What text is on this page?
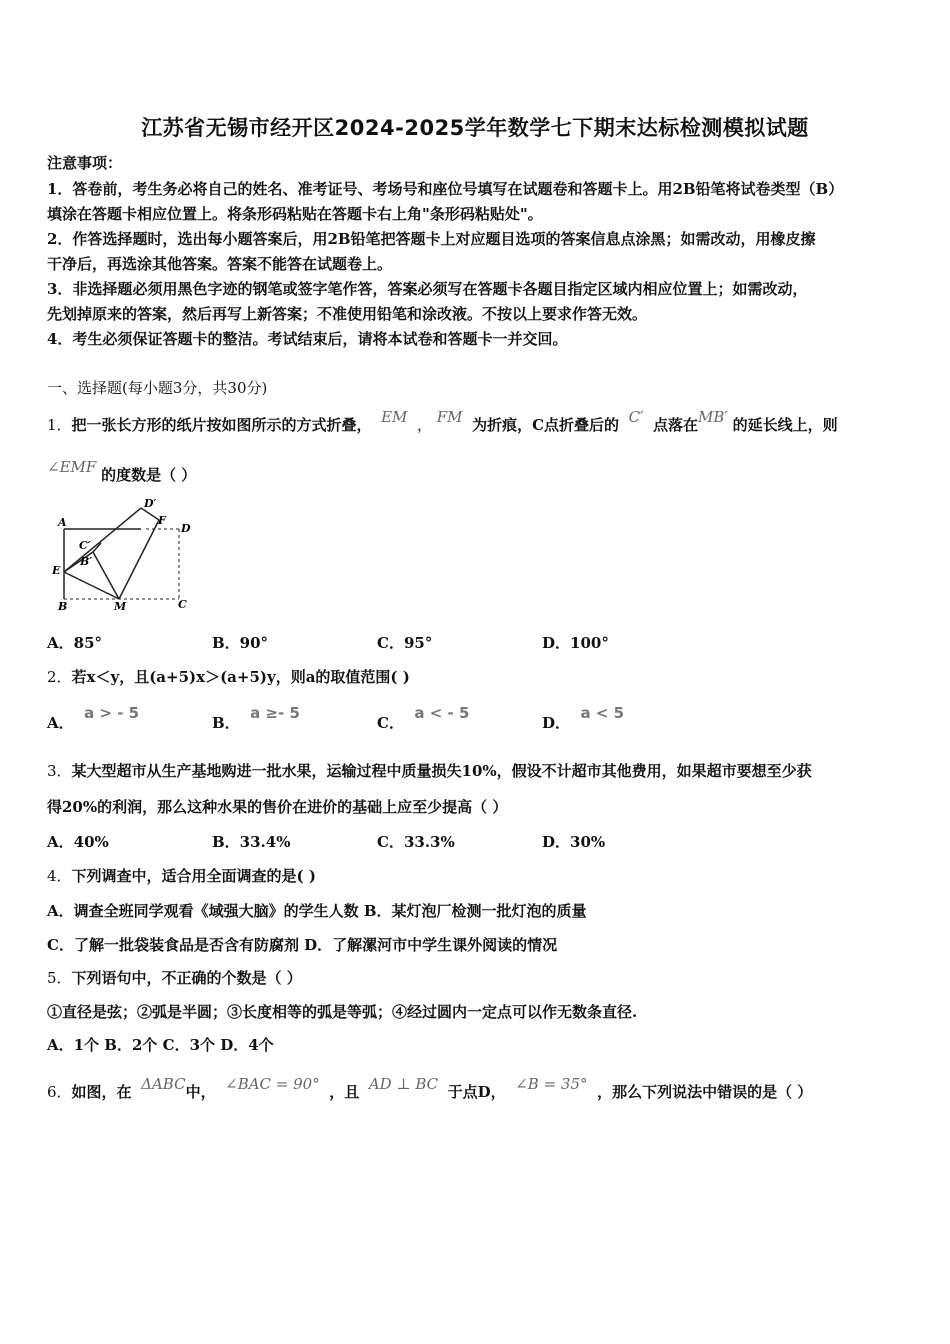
江苏省无锡市经开区2024-2025学年数学七下期末达标检测模拟试题
注意事项：
1．答卷前，考生务必将自己的姓名、准考证号、考场号和座位号填写在试题卷和答题卡上。用2B铅笔将试卷类型（B）
填涂在答题卡相应位置上。将条形码粘贴在答题卡右上角"条形码粘贴处"。
2．作答选择题时，选出每小题答案后，用2B铅笔把答题卡上对应题目选项的答案信息点涂黑；如需改动，用橡皮擦
干净后，再选涂其他答案。答案不能答在试题卷上。
3．非选择题必须用黑色字迹的钢笔或签字笔作答，答案必须写在答题卡各题目指定区域内相应位置上；如需改动，
先划掉原来的答案，然后再写上新答案；不准使用铅笔和涂改液。不按以上要求作答无效。
4．考生必须保证答题卡的整洁。考试结束后，请将本试卷和答题卡一并交回。
一、选择题(每小题3分，共30分)
1．把一张长方形的纸片按如图所示的方式折叠， EM ， FM 为折痕，C点折叠后的 C′ 点落在MB′ 的延长线上，则
∠EMF 的度数是（ ）
A
D′
F
D
C′
B′
E
B	M	C
A．85°	B．90°	C．95°	D．100°
2．若x＜y，且(a+5)x＞(a+5)y，则a的取值范围( )
A．  a > - 5
B．  a ≥- 5
C．  a < - 5
D．  a < 5
3．某大型超市从生产基地购进一批水果，运输过程中质量损失10%，假设不计超市其他费用，如果超市要想至少获
得20%的利润，那么这种水果的售价在进价的基础上应至少提高（ ）
A．40%	B．33.4%	C．33.3%	D．30%
4．下列调查中，适合用全面调查的是( )
A．调查全班同学观看《域强大脑》的学生人数 B．某灯泡厂检测一批灯泡的质量
C．了解一批袋装食品是否含有防腐剂 D．了解漯河市中学生课外阅读的情况
5．下列语句中，不正确的个数是（ ）
①直径是弦；②弧是半圆；③长度相等的弧是等弧；④经过圆内一定点可以作无数条直径.
A．1个 B．2个 C．3个 D．4个
6．如图，在 ΔABC中， ∠BAC = 90° ，且 AD ⊥ BC 于点D， ∠B = 35° ，那么下列说法中错误的是（ ）
